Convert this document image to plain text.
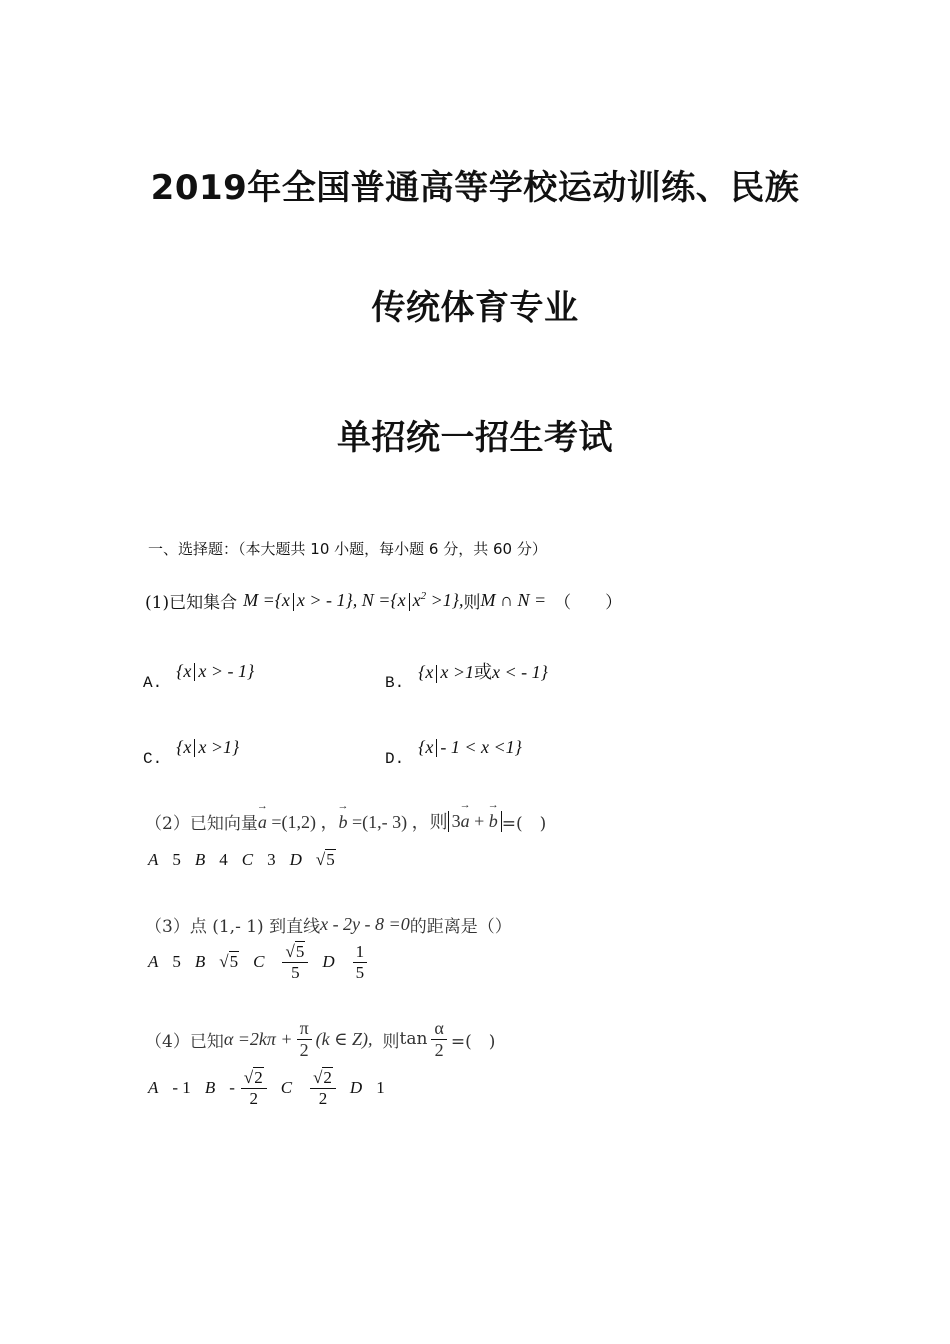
2019年全国普通高等学校运动训练、民族
传统体育专业
单招统一招生考试
一、选择题：（本大题共 10 小题，每小题 6 分，共 60 分）
(1)已知集合 M ={x x > - 1}, N ={x $x^2 >1$}, 则 M ∩ N = （　　）
A.
{x x > - 1}
B.
{x x >1或x < - 1}
C.
{x x >1}
D.
{x - 1 < x <1}
（2）已知向量 → a =(1,2) ， → b =(1,- 3) ，则 3→ a + → b =(　)
A 5 B 4 C 3 D √5
（3）点 (1,- 1) 到直线 x - 2y - 8 =0 的距离是（）
A 5 B √5 C $\frac{√5}{5}$ D $\frac{1}{5}$
（4）已知 $\alpha =2k\pi + \frac{\pi}{2} (k$ ∈ Z), 则 $\tan \frac{\alpha}{2}$ =(　)
A - 1 B - $\frac{√2}{2}$ C $\frac{√2}{2}$ D 1
